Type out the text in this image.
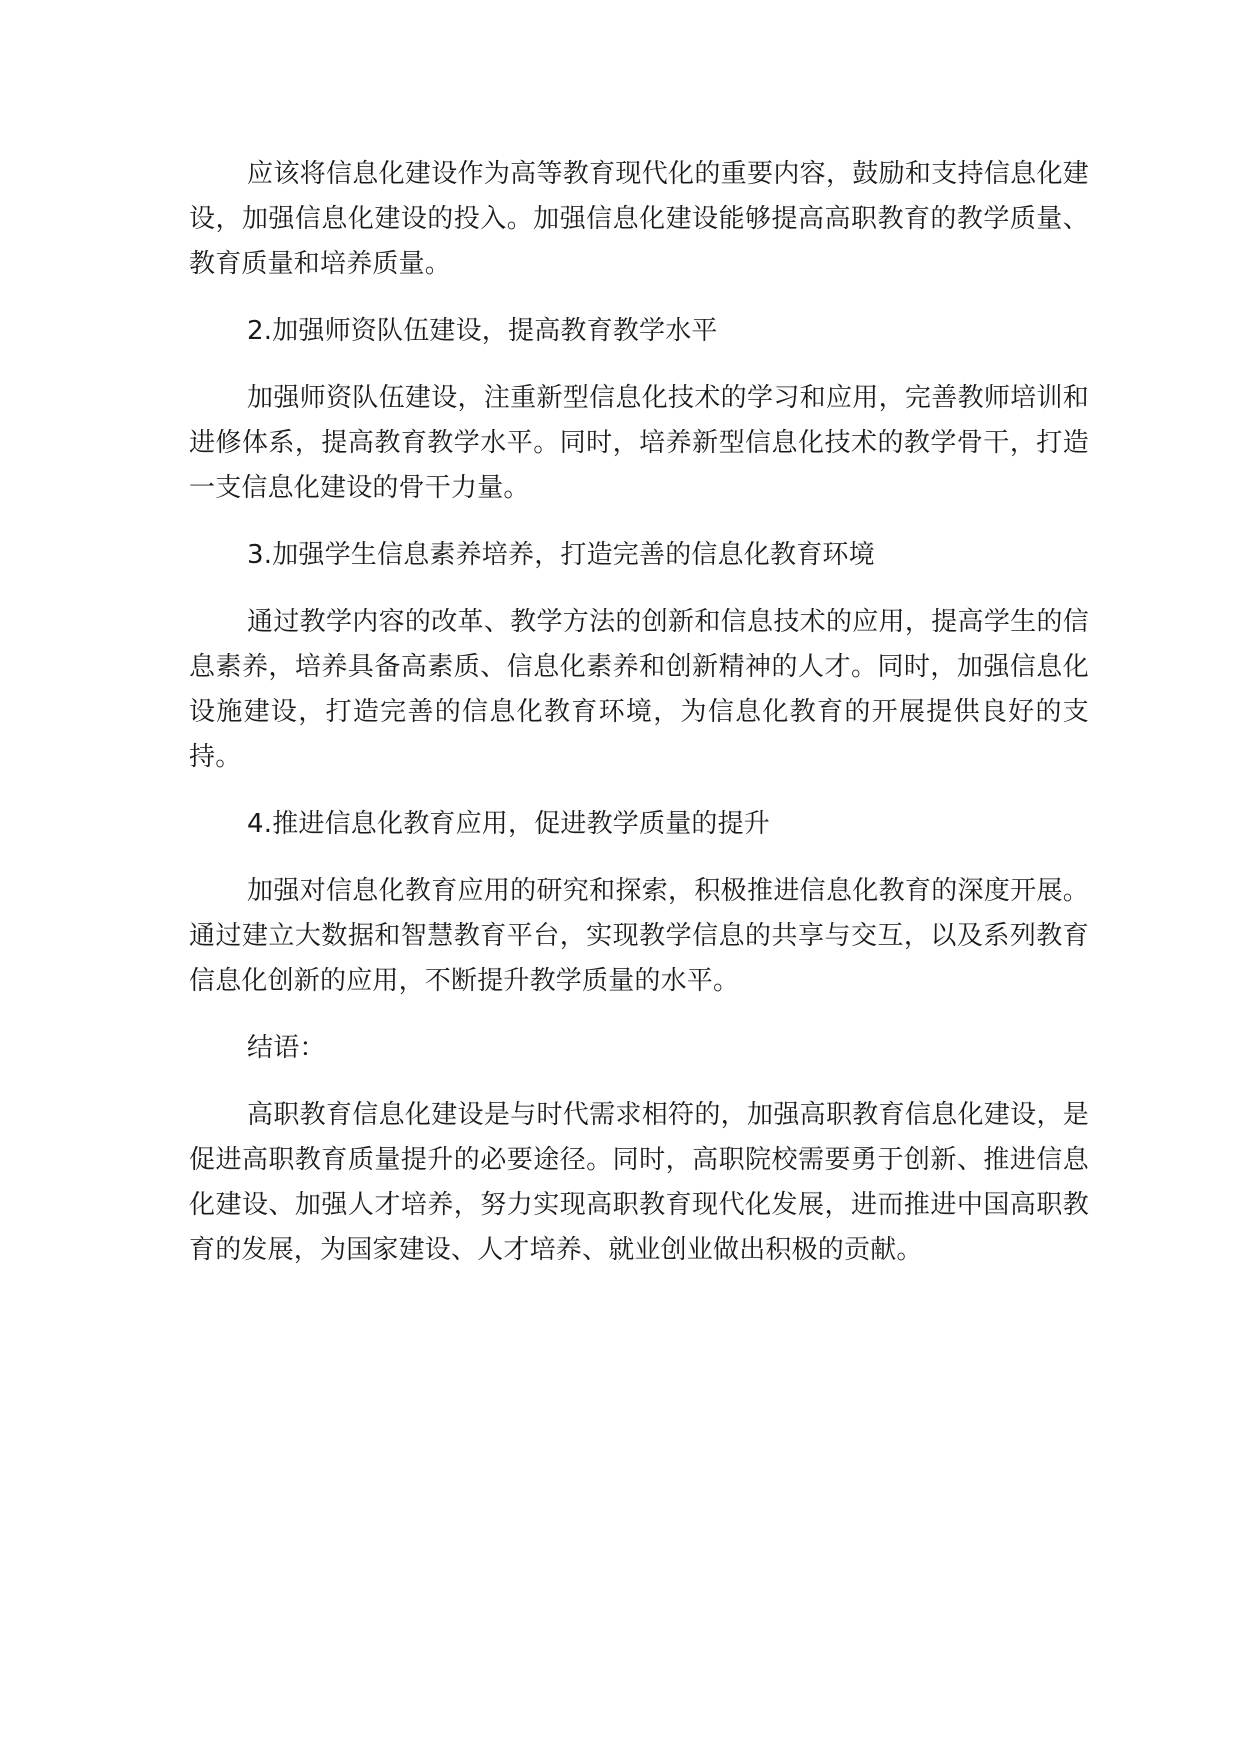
应该将信息化建设作为高等教育现代化的重要内容，鼓励和支持信息化建设，加强信息化建设的投入。加强信息化建设能够提高高职教育的教学质量、教育质量和培养质量。

2.加强师资队伍建设，提高教育教学水平

加强师资队伍建设，注重新型信息化技术的学习和应用，完善教师培训和进修体系，提高教育教学水平。同时，培养新型信息化技术的教学骨干，打造一支信息化建设的骨干力量。

3.加强学生信息素养培养，打造完善的信息化教育环境

通过教学内容的改革、教学方法的创新和信息技术的应用，提高学生的信息素养，培养具备高素质、信息化素养和创新精神的人才。同时，加强信息化设施建设，打造完善的信息化教育环境，为信息化教育的开展提供良好的支持。

4.推进信息化教育应用，促进教学质量的提升

加强对信息化教育应用的研究和探索，积极推进信息化教育的深度开展。通过建立大数据和智慧教育平台，实现教学信息的共享与交互，以及系列教育信息化创新的应用，不断提升教学质量的水平。

结语：

高职教育信息化建设是与时代需求相符的，加强高职教育信息化建设，是促进高职教育质量提升的必要途径。同时，高职院校需要勇于创新、推进信息化建设、加强人才培养，努力实现高职教育现代化发展，进而推进中国高职教育的发展，为国家建设、人才培养、就业创业做出积极的贡献。
